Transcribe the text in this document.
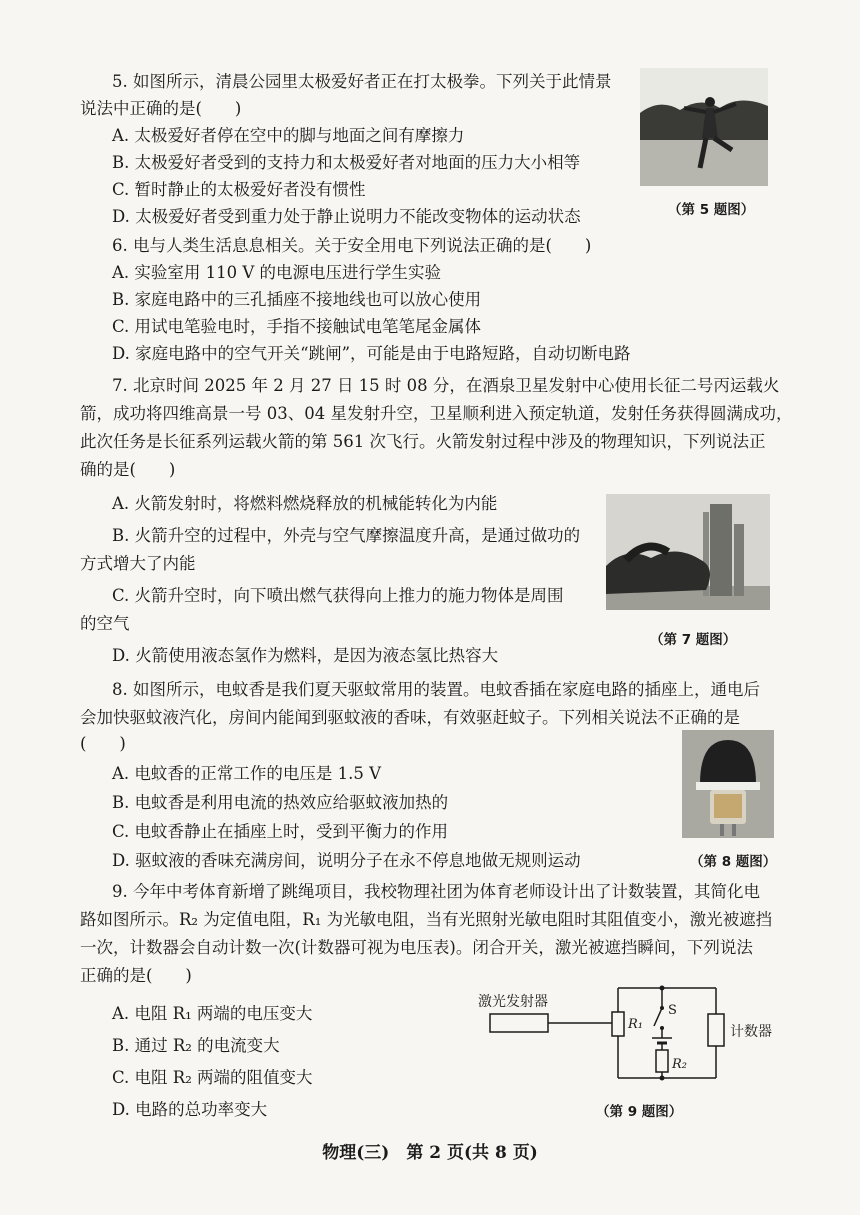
5. 如图所示，清晨公园里太极爱好者正在打太极拳。下列关于此情景
说法中正确的是(　　)
A. 太极爱好者停在空中的脚与地面之间有摩擦力
B. 太极爱好者受到的支持力和太极爱好者对地面的压力大小相等
C. 暂时静止的太极爱好者没有惯性
D. 太极爱好者受到重力处于静止说明力不能改变物体的运动状态	（第 5 题图）
6. 电与人类生活息息相关。关于安全用电下列说法正确的是(　　)
A. 实验室用 110 V 的电源电压进行学生实验
B. 家庭电路中的三孔插座不接地线也可以放心使用
C. 用试电笔验电时，手指不接触试电笔笔尾金属体
D. 家庭电路中的空气开关“跳闸”，可能是由于电路短路，自动切断电路
7. 北京时间 2025 年 2 月 27 日 15 时 08 分，在酒泉卫星发射中心使用长征二号丙运载火
箭，成功将四维高景一号 03、04 星发射升空，卫星顺利进入预定轨道，发射任务获得圆满成功，
此次任务是长征系列运载火箭的第 561 次飞行。火箭发射过程中涉及的物理知识，下列说法正
确的是(　　)
A. 火箭发射时，将燃料燃烧释放的机械能转化为内能
B. 火箭升空的过程中，外壳与空气摩擦温度升高，是通过做功的
方式增大了内能
C. 火箭升空时，向下喷出燃气获得向上推力的施力物体是周围
的空气
D. 火箭使用液态氢作为燃料，是因为液态氢比热容大
（第 7 题图）
8. 如图所示，电蚊香是我们夏天驱蚊常用的装置。电蚊香插在家庭电路的插座上，通电后
会加快驱蚊液汽化，房间内能闻到驱蚊液的香味，有效驱赶蚊子。下列相关说法不正确的是
(　　)
A. 电蚊香的正常工作的电压是 1.5 V
B. 电蚊香是利用电流的热效应给驱蚊液加热的
C. 电蚊香静止在插座上时，受到平衡力的作用
D. 驱蚊液的香味充满房间，说明分子在永不停息地做无规则运动	（第 8 题图）
9. 今年中考体育新增了跳绳项目，我校物理社团为体育老师设计出了计数装置，其简化电
路如图所示。R₂ 为定值电阻，R₁ 为光敏电阻，当有光照射光敏电阻时其阻值变小，激光被遮挡
一次，计数器会自动计数一次(计数器可视为电压表)。闭合开关，激光被遮挡瞬间，下列说法
正确的是(　　)
A. 电阻 R₁ 两端的电压变大
B. 通过 R₂ 的电流变大
C. 电阻 R₂ 两端的阻值变大
D. 电路的总功率变大
激光发射器
R₁
S
R₂
计数器
（第 9 题图）
物理(三)　第 2 页(共 8 页)
